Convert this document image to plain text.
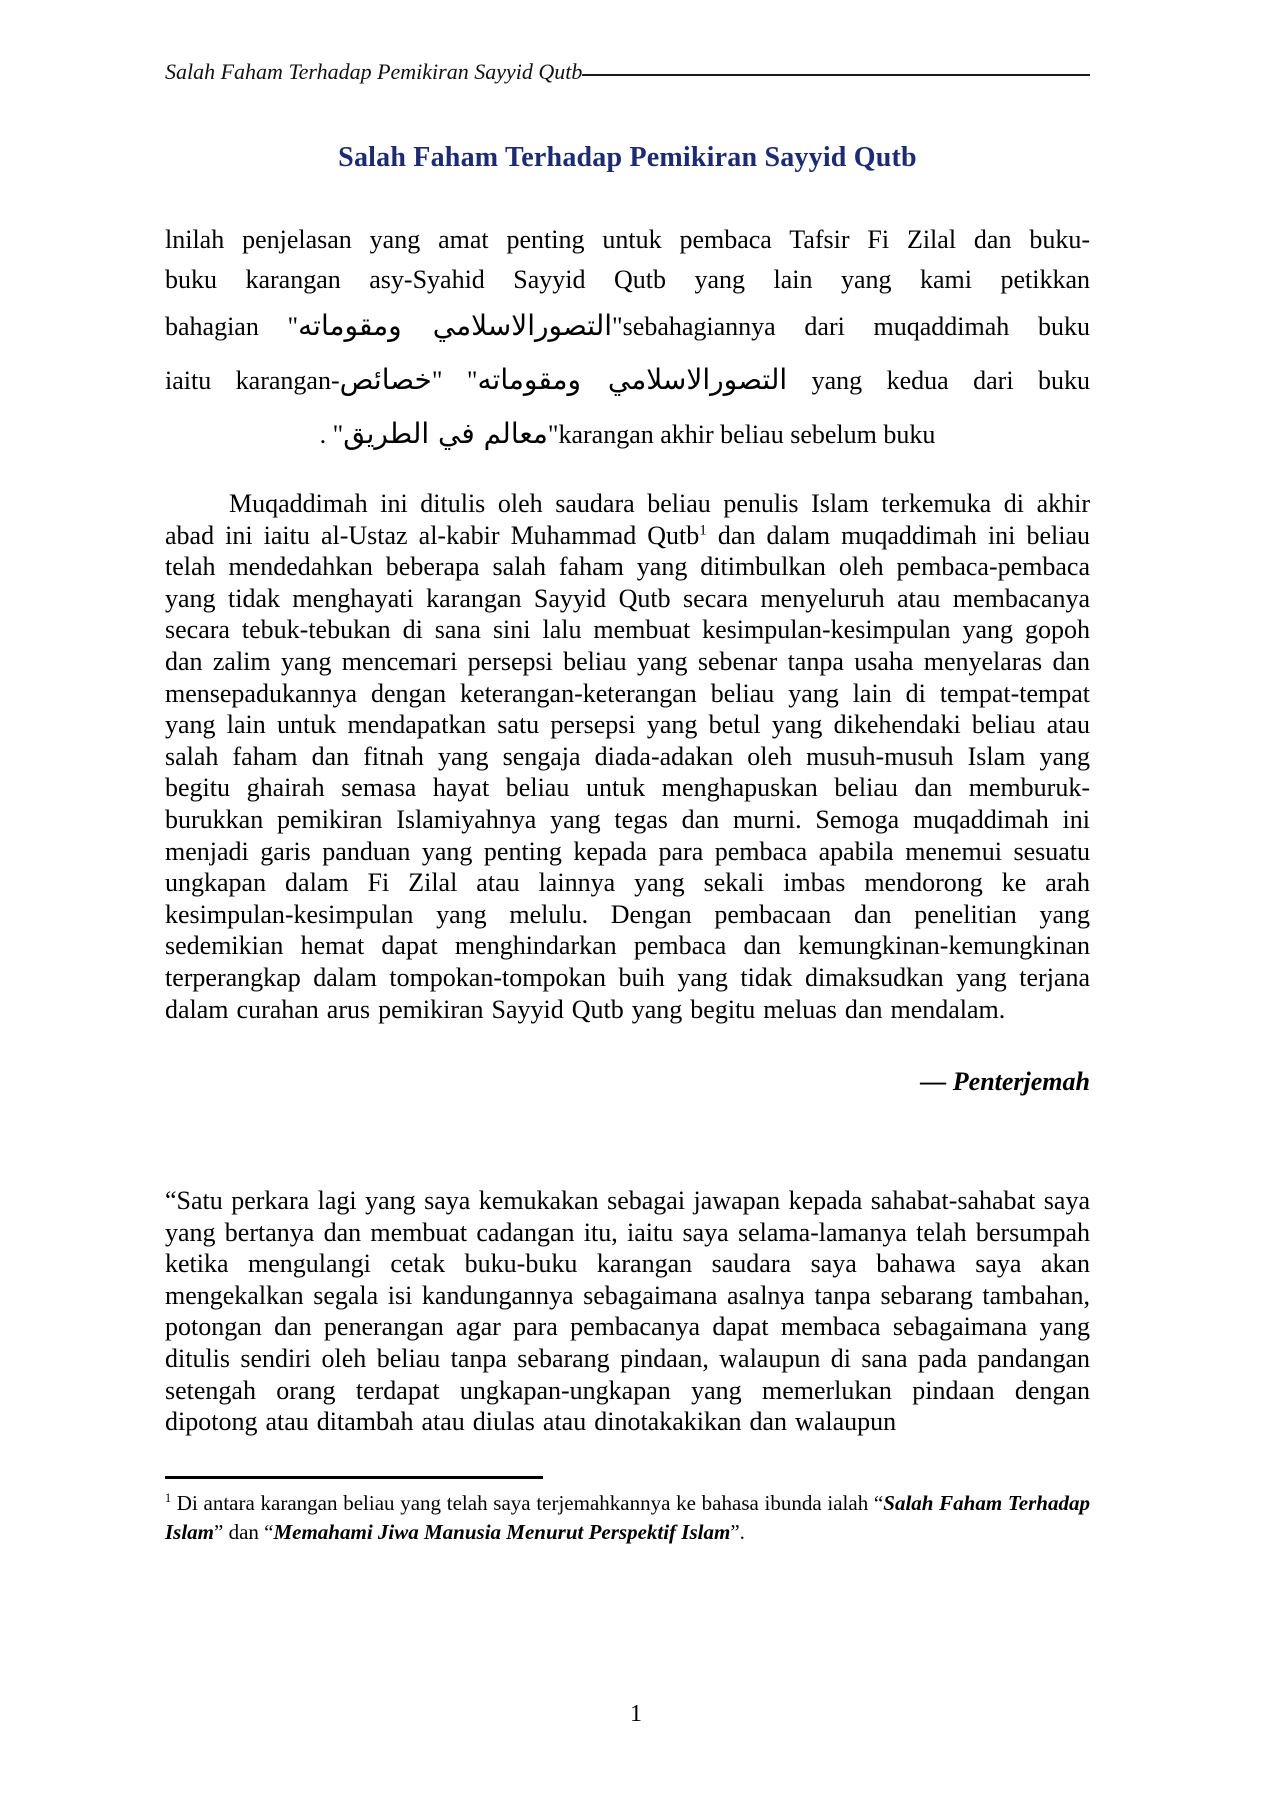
Salah Faham Terhadap Pemikiran Sayyid Qutb
Salah Faham Terhadap Pemikiran Sayyid Qutb
lnilah penjelasan yang amat penting untuk pembaca Tafsir Fi Zilal dan buku-
buku karangan asy-Syahid Sayyid Qutb yang lain yang kami petikkan
bahagian "التصورالاسلامي ومقوماته"sebahagiannya dari muqaddimah buku
iaitu karangan-خصائص" "التصورالاسلامي ومقوماته yang kedua dari buku
. "معالم في الطريق"karangan akhir beliau sebelum buku
Muqaddimah ini ditulis oleh saudara beliau penulis Islam terkemuka di akhir abad ini iaitu al-Ustaz al-kabir Muhammad Qutb$^1$ dan dalam muqaddimah ini beliau telah mendedahkan beberapa salah faham yang ditimbulkan oleh pembaca-pembaca yang tidak menghayati karangan Sayyid Qutb secara menyeluruh atau membacanya secara tebuk-tebukan di sana sini lalu membuat kesimpulan-kesimpulan yang gopoh dan zalim yang mencemari persepsi beliau yang sebenar tanpa usaha menyelaras dan mensepadukannya dengan keterangan-keterangan beliau yang lain di tempat-tempat yang lain untuk mendapatkan satu persepsi yang betul yang dikehendaki beliau atau salah faham dan fitnah yang sengaja diada-adakan oleh musuh-musuh Islam yang begitu ghairah semasa hayat beliau untuk menghapuskan beliau dan memburuk-burukkan pemikiran Islamiyahnya yang tegas dan murni. Semoga muqaddimah ini menjadi garis panduan yang penting kepada para pembaca apabila menemui sesuatu ungkapan dalam Fi Zilal atau lainnya yang sekali imbas mendorong ke arah kesimpulan-kesimpulan yang melulu. Dengan pembacaan dan penelitian yang sedemikian hemat dapat menghindarkan pembaca dan kemungkinan-kemungkinan terperangkap dalam tompokan-tompokan buih yang tidak dimaksudkan yang terjana dalam curahan arus pemikiran Sayyid Qutb yang begitu meluas dan mendalam.
— Penterjemah
“Satu perkara lagi yang saya kemukakan sebagai jawapan kepada sahabat-sahabat saya yang bertanya dan membuat cadangan itu, iaitu saya selama-lamanya telah bersumpah ketika mengulangi cetak buku-buku karangan saudara saya bahawa saya akan mengekalkan segala isi kandungannya sebagaimana asalnya tanpa sebarang tambahan, potongan dan penerangan agar para pembacanya dapat membaca sebagaimana yang ditulis sendiri oleh beliau tanpa sebarang pindaan, walaupun di sana pada pandangan setengah orang terdapat ungkapan-ungkapan yang memerlukan pindaan dengan dipotong atau ditambah atau diulas atau dinotakakikan dan walaupun
$^1$ Di antara karangan beliau yang telah saya terjemahkannya ke bahasa ibunda ialah “Salah Faham Terhadap Islam” dan “Memahami Jiwa Manusia Menurut Perspektif Islam”.
1
